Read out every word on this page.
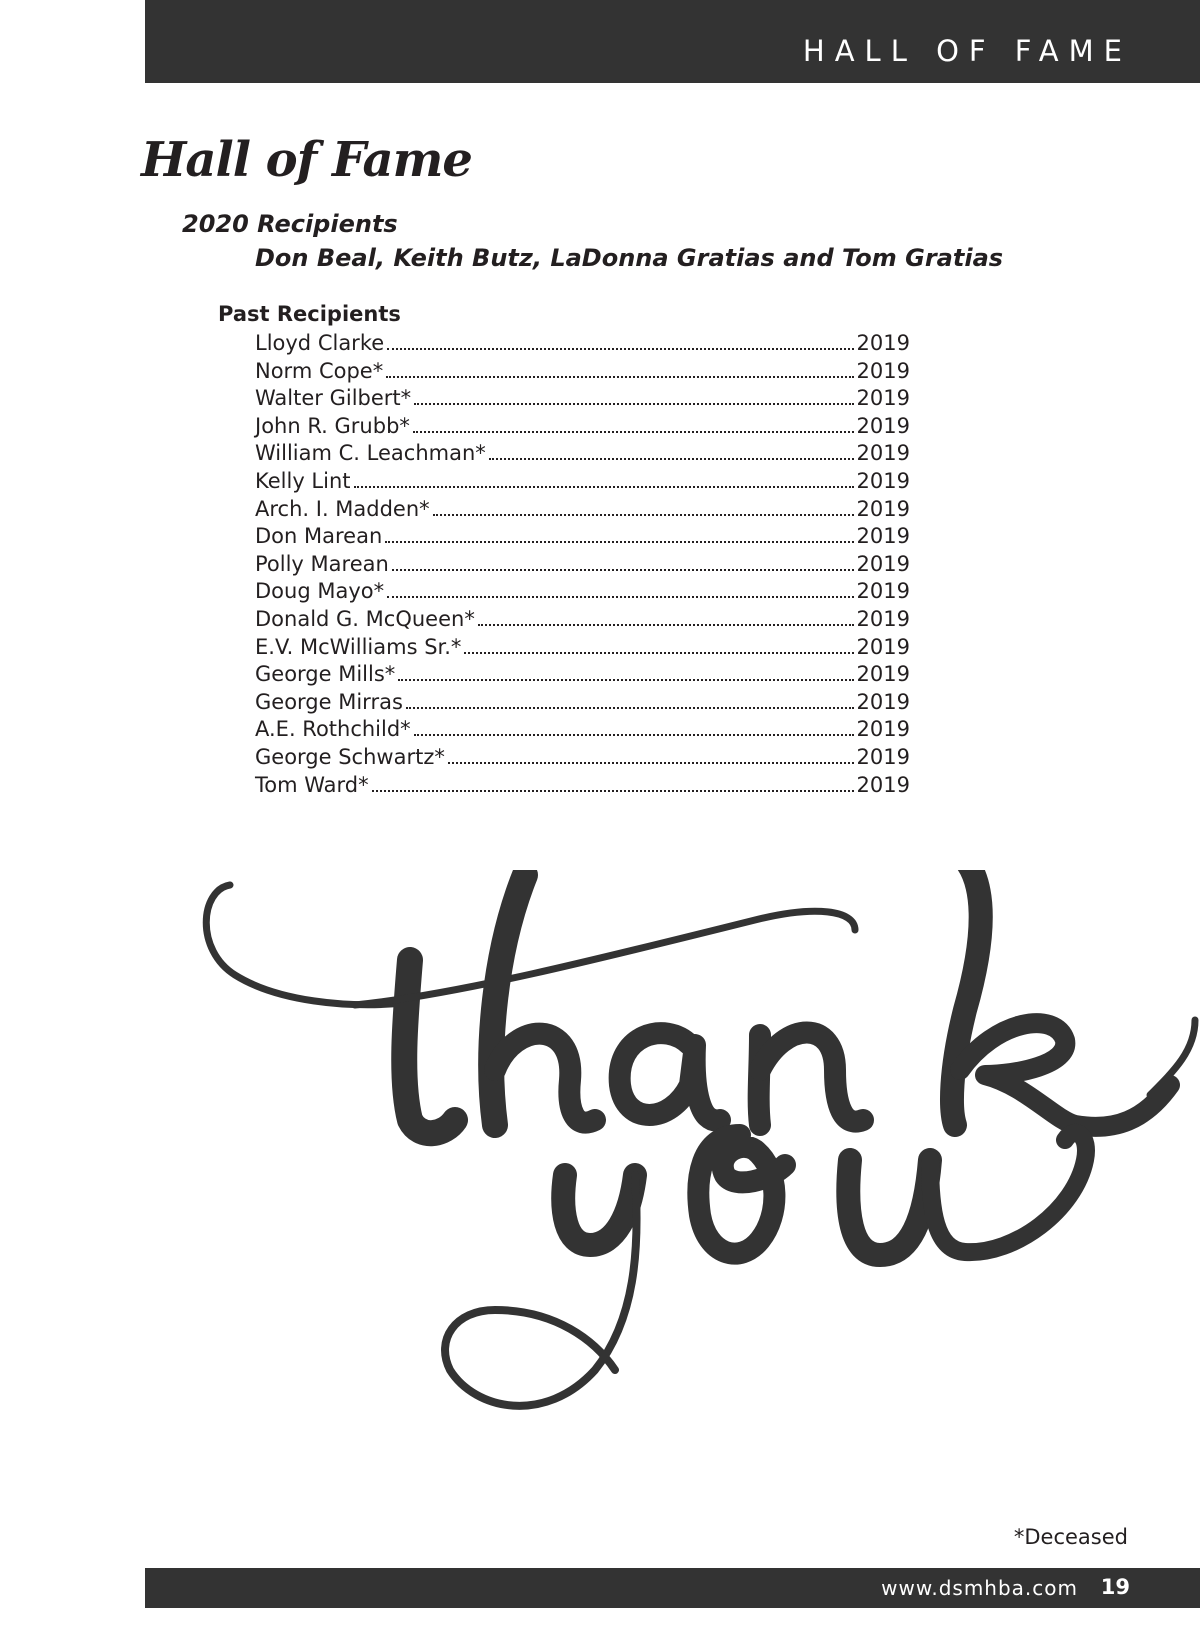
HALL OF FAME
Hall of Fame
2020 Recipients
Don Beal, Keith Butz, LaDonna Gratias and Tom Gratias
Past Recipients
Lloyd Clarke	2019
Norm Cope*	2019
Walter Gilbert*	2019
John R. Grubb*	2019
William C. Leachman*	2019
Kelly Lint	2019
Arch. I. Madden*	2019
Don Marean	2019
Polly Marean	2019
Doug Mayo*	2019
Donald G. McQueen*	2019
E.V. McWilliams Sr.*	2019
George Mills*	2019
George Mirras	2019
A.E. Rothchild*	2019
George Schwartz*	2019
Tom Ward*	2019
*Deceased
www.dsmhba.com 19
